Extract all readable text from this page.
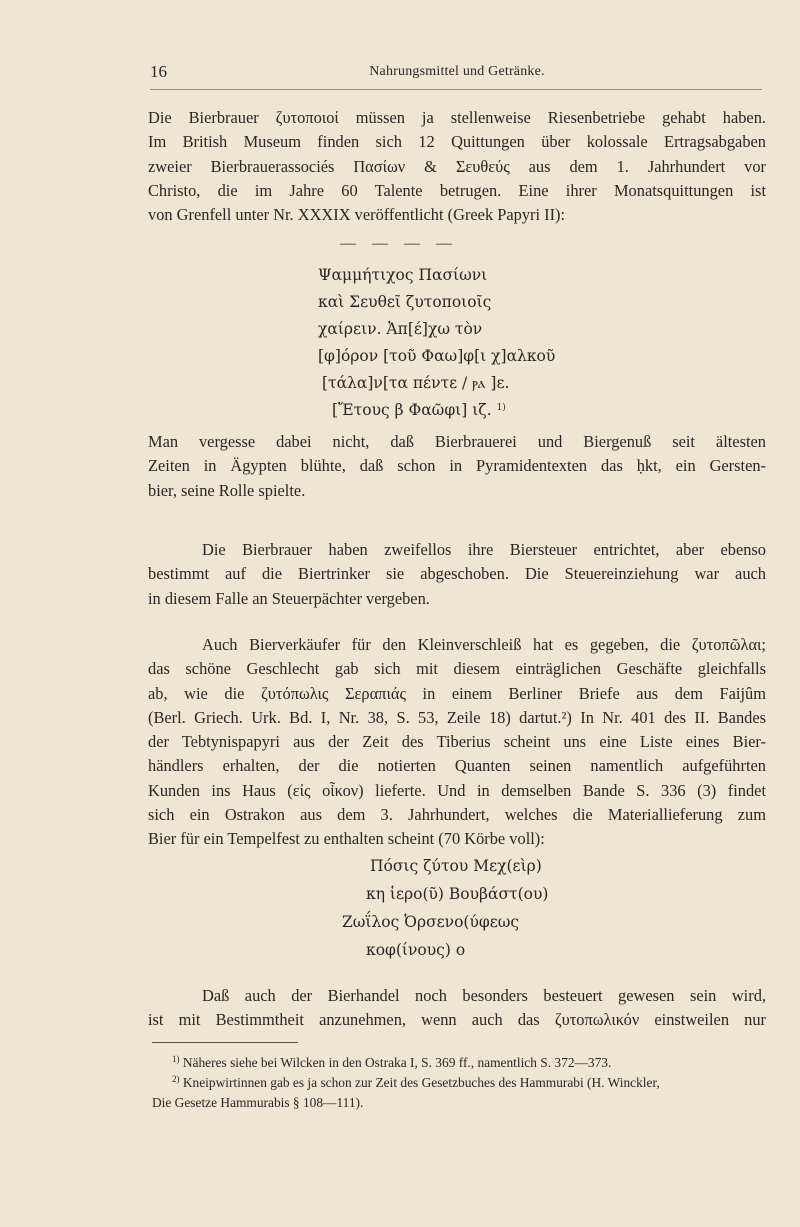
16	Nahrungsmittel und Getränke.
Die Bierbrauer ζυτοποιοί müssen ja stellenweise Riesenbetriebe gehabt haben.
Im British Museum finden sich 12 Quittungen über kolossale Ertragsabgaben
zweier Bierbrauerassociés Πασίων & Σευθεύς aus dem 1. Jahrhundert vor
Christo, die im Jahre 60 Talente betrugen. Eine ihrer Monatsquittungen ist
von Grenfell unter Nr. XXXIX veröffentlicht (Greek Papyri II):
— — — —
Ψαμμήτιχος Πασίωνι
καὶ Σευθεῖ ζυτοποιοῖς
χαίρειν. Ἀπ[έ]χω τὸν
[φ]όρον [τοῦ Φαω]φ[ι χ]αλκοῦ
[τάλα]ν[τα πέντε / ⲣⲁ ]ε.
[Ἔτους β Φαῶφι] ιζ. $^{1)}$
Man vergesse dabei nicht, daß Bierbrauerei und Biergenuß seit ältesten
Zeiten in Ägypten blühte, daß schon in Pyramidentexten das ḥkt, ein Gersten-
bier, seine Rolle spielte.
Die Bierbrauer haben zweifellos ihre Biersteuer entrichtet, aber ebenso
bestimmt auf die Biertrinker sie abgeschoben. Die Steuereinziehung war auch
in diesem Falle an Steuerpächter vergeben.
Auch Bierverkäufer für den Kleinverschleiß hat es gegeben, die ζυτοπῶλαι;
das schöne Geschlecht gab sich mit diesem einträglichen Geschäfte gleichfalls
ab, wie die ζυτόπωλις Σεραπιάς in einem Berliner Briefe aus dem Faijûm
(Berl. Griech. Urk. Bd. I, Nr. 38, S. 53, Zeile 18) dartut.²) In Nr. 401 des II. Bandes
der Tebtynispapyri aus der Zeit des Tiberius scheint uns eine Liste eines Bier-
händlers erhalten, der die notierten Quanten seinen namentlich aufgeführten
Kunden ins Haus (εἰς οἶκον) lieferte. Und in demselben Bande S. 336 (3) findet
sich ein Ostrakon aus dem 3. Jahrhundert, welches die Materiallieferung zum
Bier für ein Tempelfest zu enthalten scheint (70 Körbe voll):
Πόσις ζύτου Μεχ(εὶρ)
κη ἱερο(ῦ) Βουβάστ(ου)
Ζωΐλος Ὀρσενο(ύφεως
κοφ(ίνους) ο
Daß auch der Bierhandel noch besonders besteuert gewesen sein wird,
ist mit Bestimmtheit anzunehmen, wenn auch das ζυτοπωλικόν einstweilen nur
$^{1)}$ Näheres siehe bei Wilcken in den Ostraka I, S. 369 ff., namentlich S. 372—373.
$^{2)}$ Kneipwirtinnen gab es ja schon zur Zeit des Gesetzbuches des Hammurabi (H. Winckler,
Die Gesetze Hammurabis § 108—111).
